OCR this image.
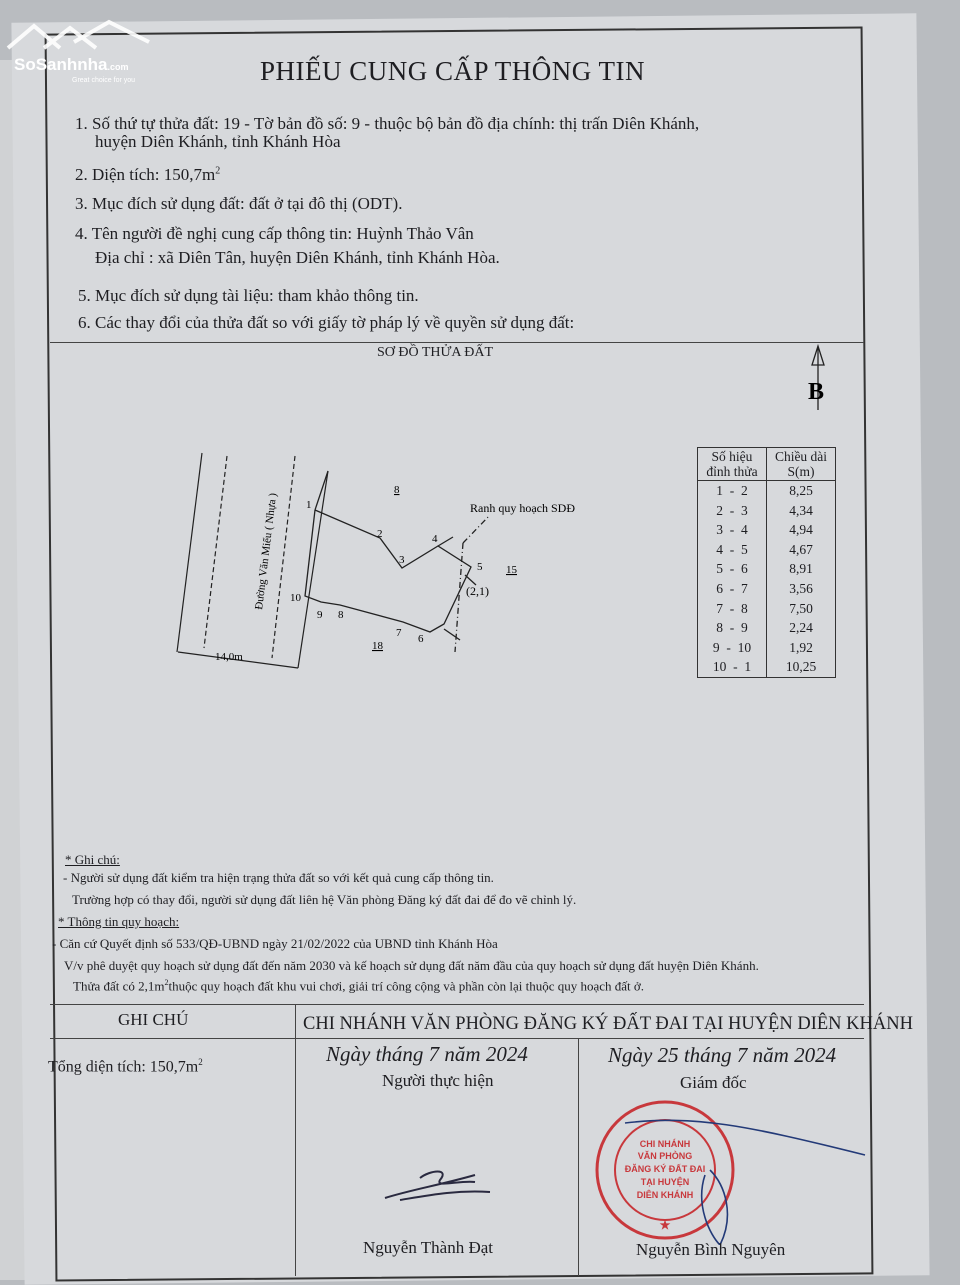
SoSanhnha.com
Great choice for you	PHIẾU CUNG CẤP THÔNG TIN
1. Số thứ tự thửa đất: 19 - Tờ bản đồ số: 9 - thuộc bộ bản đồ địa chính: thị trấn Diên Khánh,
huyện Diên Khánh, tỉnh Khánh Hòa
2. Diện tích: $150,7m^2$
3. Mục đích sử dụng đất: đất ở tại đô thị (ODT).
4. Tên người đề nghị cung cấp thông tin: Huỳnh Thảo Vân
Địa chỉ : xã Diên Tân, huyện Diên Khánh, tỉnh Khánh Hòa.
5. Mục đích sử dụng tài liệu: tham khảo thông tin.
6. Các thay đổi của thửa đất so với giấy tờ pháp lý về quyền sử dụng đất:
SƠ ĐỒ THỬA ĐẤT
B
Đường Văn Miếu ( Nhựa )
14,0m
1
2
3
4
5
6
7
8
9
10
8
15
18
Ranh quy hoạch SDĐ
(2,1)
Số hiệu đỉnh thửa	Chiều dài S(m)
1  -  2	8,25
2  -  3	4,34
3  -  4	4,94
4  -  5	4,67
5  -  6	8,91
6  -  7	3,56
7  -  8	7,50
8  -  9	2,24
9  -  10	1,92
10  -  1	10,25
* Ghi chú:
- Người sử dụng đất kiểm tra hiện trạng thửa đất so với kết quả cung cấp thông tin.
Trường hợp có thay đổi, người sử dụng đất liên hệ Văn phòng Đăng ký đất đai để đo vẽ chỉnh lý.
* Thông tin quy hoạch:
- Căn cứ Quyết định số 533/QĐ-UBND ngày 21/02/2022 của UBND tỉnh Khánh Hòa
V/v phê duyệt quy hoạch sử dụng đất đến năm 2030 và kế hoạch sử dụng đất năm đầu của quy hoạch sử dụng đất huyện Diên Khánh.
Thửa đất có $2,1m^2thuộc$ quy hoạch đất khu vui chơi, giải trí công cộng và phần còn lại thuộc quy hoạch đất ở.
GHI CHÚ	CHI NHÁNH VĂN PHÒNG ĐĂNG KÝ ĐẤT ĐAI TẠI HUYỆN DIÊN KHÁNH
Tổng diện tích: $150,7m^2$	Ngày tháng 7 năm 2024
Người thực hiện
Nguyễn Thành Đạt
Ngày 25 tháng 7 năm 2024
Giám đốc
CHI NHÁNH
VĂN PHÒNG
ĐĂNG KÝ ĐẤT ĐAI
TẠI HUYỆN
DIÊN KHÁNH
★
Nguyễn Bình Nguyên
